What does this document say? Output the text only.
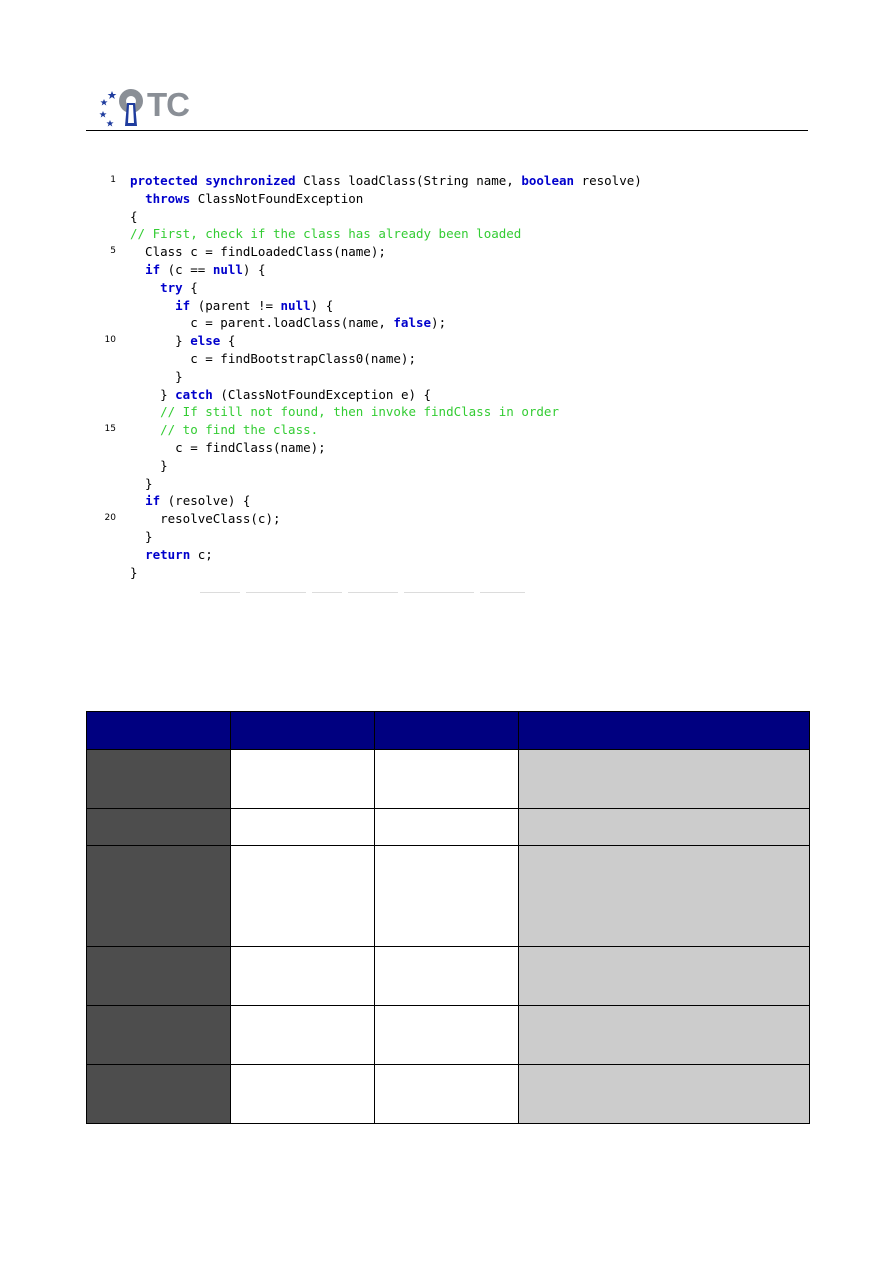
TC
1 protected synchronized Class loadClass(String name, boolean resolve)
throws ClassNotFoundException
{
// First, check if the class has already been loaded
5 Class c = findLoadedClass(name);
if (c == null) {
try {
if (parent != null) {
c = parent.loadClass(name, false);
10 } else {
c = findBootstrapClass0(name);
}
} catch (ClassNotFoundException e) {
// If still not found, then invoke findClass in order
15	// to find the class.
c = findClass(name);
}
}
if (resolve) {
20 resolveClass(c);
}
return c;
}
